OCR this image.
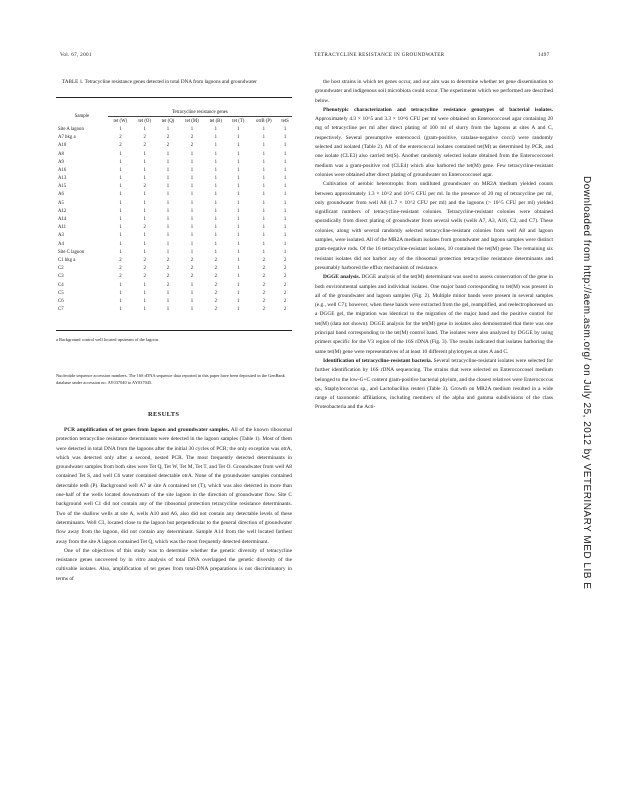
Vol. 67, 2001	TETRACYCLINE RESISTANCE IN GROUNDWATER	1497
TABLE 1. Tetracycline resistance genes detected in total DNA from lagoons and groundwater
Sample	Tetracycline resistance genes							
	tet (W)	tet (O)	tet (Q)	tet (M)	tet (B)	tet (T)	otrB (P)	tetS
Site A lagoon	1	1	1	1	1	1	1	1
A7 bkg a	2	2	2	2	1	1	1	1
A10	2	2	2	2	1	1	1	1
A8	1	1	1	1	1	1	1	1
A9	1	1	1	1	1	1	1	1
A16	1	1	1	1	1	1	1	1
A13	1	1	1	1	1	1	1	1
A15	1	2	1	1	1	1	1	1
A6	1	1	1	1	1	1	1	1
A5	1	1	1	1	1	1	1	1
A12	1	1	1	1	1	1	1	1
A14	1	1	1	1	1	1	1	1
A11	1	2	1	1	1	1	1	1
A3	1	1	1	1	1	1	1	1
A4	1	1	1	1	1	1	1	1
Site C lagoon	1	1	1	1	1	1	1	1
C1 bkg a	2	2	2	2	2	1	2	2
C2	2	2	2	2	2	1	2	2
C3	2	2	2	2	2	1	2	2
C4	1	1	2	1	2	1	2	2
C5	1	1	1	1	2	1	2	2
C6	1	1	1	1	2	1	2	2
C7	1	1	1	1	2	1	2	2
a Background control well located upstream of the lagoon.
Nucleotide sequence accession numbers. The 16S rDNA sequence data reported in this paper have been deposited in the GenBank database under accession no. AY037040 to AY037045.
RESULTS

PCR amplification of tet genes from lagoon and groundwater samples. All of the known ribosomal protection tetracycline resistance determinants were detected in the lagoon samples (Table 1). Most of them were detected in total DNA from the lagoons after the initial 30 cycles of PCR; the only exception was otrA, which was detected only after a second, nested PCR. The most frequently detected determinants in groundwater samples from both sites were Tet Q, Tet W, Tet M, Tet T, and Tet O. Groundwater from well A8 contained Tet S, and well C6 water contained detectable otrA. None of the groundwater samples contained detectable tetB (P). Background well A7 at site A contained tet (T), which was also detected in more than one-half of the wells located downstream of the site lagoon in the direction of groundwater flow. Site C background well C1 did not contain any of the ribosomal protection tetracycline resistance determinants. Two of the shallow wells at site A, wells A10 and A6, also did not contain any detectable levels of these determinants. Well C3, located close to the lagoon but perpendicular to the general direction of groundwater flow away from the lagoon, did not contain any determinant. Sample A14 from the well located farthest away from the site A lagoon contained Tet Q, which was the most frequently detected determinant.

One of the objectives of this study was to determine whether the genetic diversity of tetracycline resistance genes uncovered by in vitro analysis of total DNA overlapped the genetic diversity of the cultivable isolates. Also, amplification of tet genes from total-DNA preparations is not discriminatory in terms of

the host strains in which tet genes occur, and our aim was to determine whether tet gene dissemination to groundwater and indigenous soil microbiota could occur. The experiments which we performed are described below.

Phenotypic characterization and tetracycline resistance genotypes of bacterial isolates. Approximately 4.3 × 10^5 and 3.3 × 10^6 CFU per ml were obtained on Enterococcosel agar containing 20 mg of tetracycline per ml after direct plating of 100 ml of slurry from the lagoons at sites A and C, respectively. Several presumptive enterococci (gram-positive, catalase-negative cocci) were randomly selected and isolated (Table 2). All of the enterococcal isolates contained tet(M) as determined by PCR, and one isolate (CLE3) also carried tet(S). Another randomly selected isolate obtained from the Enterococcosel medium was a gram-positive rod (CLE4) which also harbored the tet(M) gene. Few tetracycline-resistant colonies were obtained after direct plating of groundwater on Enterococcosel agar.

Cultivation of aerobic heterotrophs from undiluted groundwater on MR2A medium yielded counts between approximately 1.3 × 10^2 and 10^5 CFU per ml. In the presence of 20 mg of tetracycline per ml, only groundwater from well A8 (1.7 × 10^2 CFU per ml) and the lagoons (> 10^5 CFU per ml) yielded significant numbers of tetracycline-resistant colonies. Tetracycline-resistant colonies were obtained sporadically from direct plating of groundwater from several wells (wells A7, A3, A16, C2, and C7). These colonies, along with several randomly selected tetracycline-resistant colonies from well A8 and lagoon samples, were isolated. All of the MR2A medium isolates from groundwater and lagoon samples were distinct gram-negative rods. Of the 16 tetracycline-resistant isolates, 10 contained the tet(M) gene. The remaining six resistant isolates did not harbor any of the ribosomal protection tetracycline resistance determinants and presumably harbored the efflux mechanism of resistance.

DGGE analysis. DGGE analysis of the tet(M) determinant was used to assess conservation of the gene in both environmental samples and individual isolates. One major band corresponding to tet(M) was present in all of the groundwater and lagoon samples (Fig. 2). Multiple minor bands were present in several samples (e.g., well C7); however, when these bands were extracted from the gel, reamplified, and reelectrophoresed on a DGGE gel, the migration was identical to the migration of the major band and the positive control for tet(M) (data not shown). DGGE analysis for the tet(M) gene in isolates also demonstrated that there was one principal band corresponding to the tet(M) control band. The isolates were also analyzed by DGGE by using primers specific for the V3 region of the 16S rDNA (Fig. 3). The results indicated that isolates harboring the same tet(M) gene were representatives of at least 10 different phylotypes at sites A and C.

Identification of tetracycline-resistant bacteria. Several tetracycline-resistant isolates were selected for further identification by 16S rDNA sequencing. The strains that were selected on Enterococcosel medium belonged to the low-G+C content gram-positive bacterial phylum, and the closest relatives were Enterococcus sp., Staphylococcus sp., and Lactobacillus reuteri (Table 3). Growth on MR2A medium resulted in a wide range of taxonomic affiliations, including members of the alpha and gamma subdivisions of the class Proteobacteria and the Acti-	Downloaded from http://aem.asm.org/ on July 25, 2012 by VETERINARY MED LIB E
